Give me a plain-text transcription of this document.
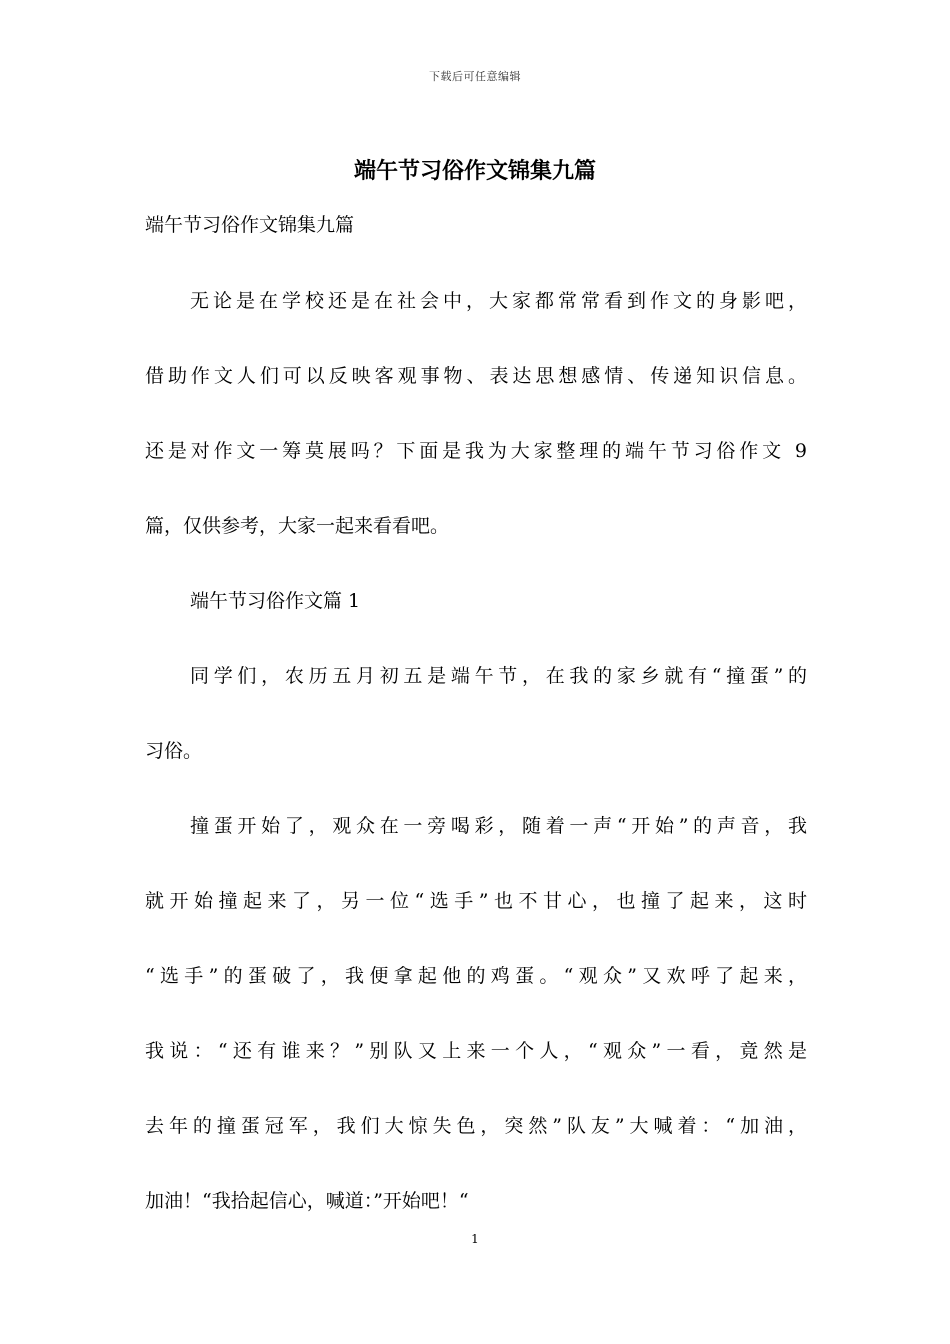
下载后可任意编辑
端午节习俗作文锦集九篇
端午节习俗作文锦集九篇
无论是在学校还是在社会中，大家都常常看到作文的身影吧，
借助作文人们可以反映客观事物、表达思想感情、传递知识信息。
还是对作文一筹莫展吗？下面是我为大家整理的端午节习俗作文 9
篇，仅供参考，大家一起来看看吧。
端午节习俗作文篇 1
同学们，农历五月初五是端午节，在我的家乡就有“撞蛋”的
习俗。
撞蛋开始了，观众在一旁喝彩，随着一声“开始”的声音，我
就开始撞起来了，另一位“选手”也不甘心，也撞了起来，这时
“选手”的蛋破了，我便拿起他的鸡蛋。“观众”又欢呼了起来，
我说：“还有谁来？”别队又上来一个人，“观众”一看，竟然是
去年的撞蛋冠军，我们大惊失色，突然”队友”大喊着：“加油，
加油！“我拾起信心，喊道：”开始吧！“
1
